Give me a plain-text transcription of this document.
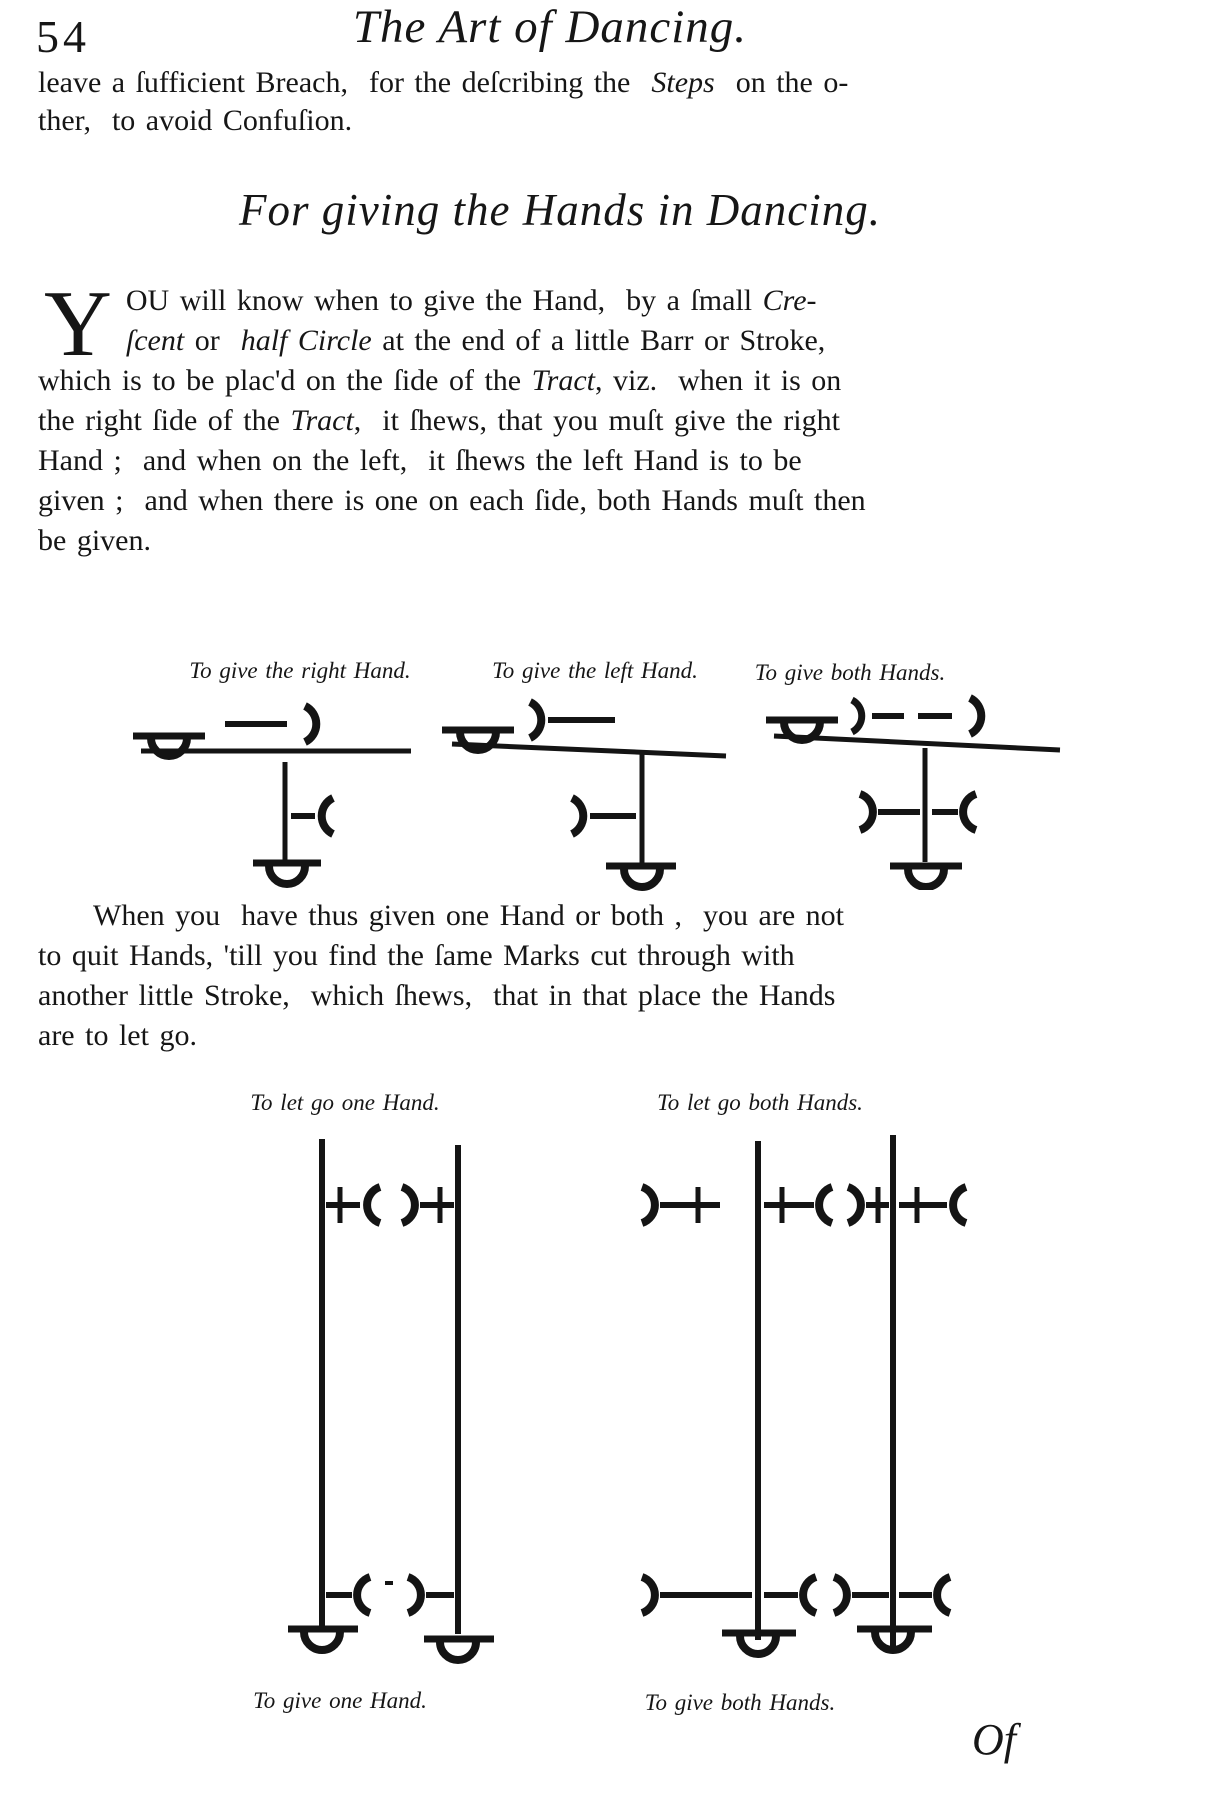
54	The Art of Dancing.
leave a ſufficient Breach,  for the deſcribing the  Steps  on the o-
ther,  to avoid Confuſion.
For giving the Hands in Dancing.
Y OU will know when to give the Hand,  by a ſmall Cre-
ſcent or  half Circle at the end of a little Barr or Stroke,
which is to be plac'd on the ſide of the Tract, viz.  when it is on
the right ſide of the Tract,  it ſhews, that you muſt give the right
Hand ;  and when on the left,  it ſhews the left Hand is to be
given ;  and when there is one on each ſide, both Hands muſt then
be given.
To give the right Hand.	To give the left Hand.	To give both Hands.
When you  have thus given one Hand or both ,  you are not
to quit Hands, 'till you find the ſame Marks cut through with
another little Stroke,  which ſhews,  that in that place the Hands
are to let go.
To let go one Hand.	To let go both Hands.
To give one Hand.	To give both Hands.
Of
